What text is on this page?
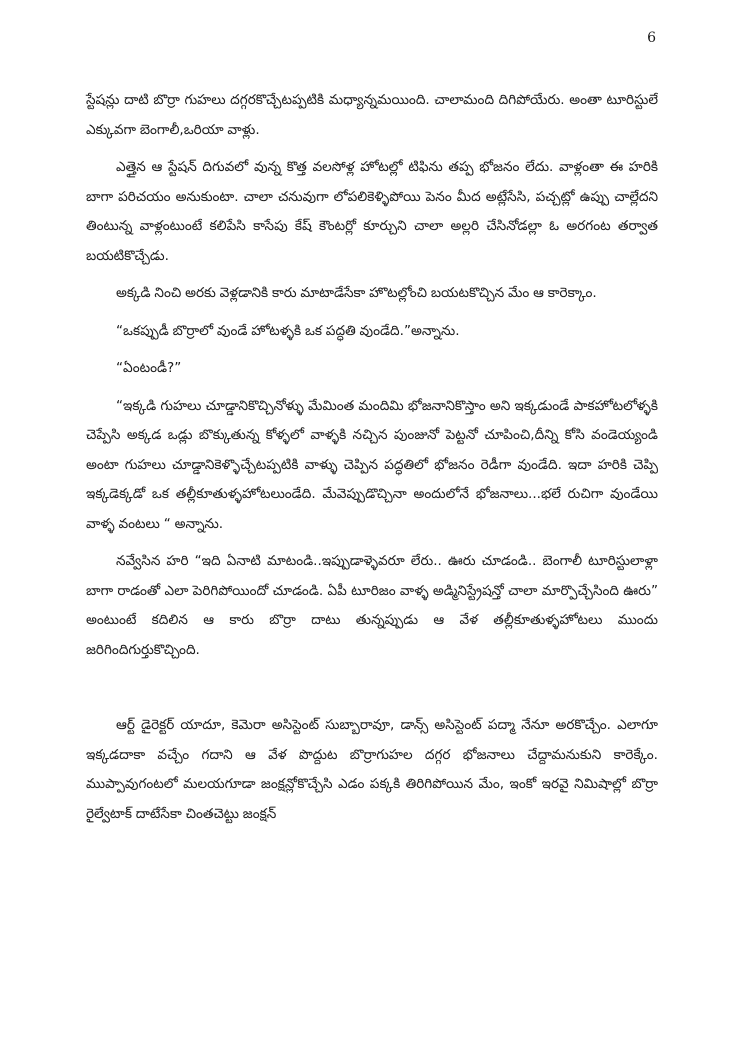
6

స్టేషన్లు దాటి బొర్రా గుహలు దగ్గరకొచ్చేటప్పటికి మధ్యాన్నమయింది. చాలామంది దిగిపోయేరు. అంతా టూరిస్టులే ఎక్కువగా బెంగాలీ,ఒరియా వాళ్లు.

ఎత్తైన ఆ స్టేషన్ దిగువలో వున్న కొత్త వలసోళ్ల హోటల్లో టిఫిను తప్ప భోజనం లేదు. వాళ్లంతా ఈ హరికి బాగా పరిచయం అనుకుంటా. చాలా చనువుగా లోపలికెళ్ళిపోయి పెనం మీద అట్లేసేసి, పచ్చట్లో ఉప్పు చాల్లేదని తింటున్న వాళ్లంటుంటే కలిపేసి కాసేపు కేష్ కౌంటర్లో కూర్చుని చాలా అల్లరి చేసినోడల్లా ఓ అరగంట తర్వాత బయటికొచ్చేడు.

అక్కడి నించి అరకు వెళ్లడానికి కారు మాటాడేసేకా హొటల్లోంచి బయటకొచ్చిన మేం ఆ కారెక్కాం.

“ఒకప్పుడీ బొర్రాలో వుండే హోటళ్ళకి ఒక పద్ధతి వుండేది.”అన్నాను.

“ఏంటండీ?”

“ఇక్కడి గుహలు చూడ్డానికొచ్చినోళ్ళు మేమింత మందిమి భోజనానికొస్తాం అని ఇక్కడుండే పాకహోటలోళ్ళకి చెప్పేసి అక్కడ ఒడ్లు బొక్కుతున్న కోళ్ళలో వాళ్ళకి నచ్చిన పుంజునో పెట్టనో చూపించి,దీన్ని కోసి వండెయ్యండి అంటా గుహలు చూడ్డానికెళ్ళొచ్చేటప్పటికి వాళ్ళు చెప్పిన పద్ధతిలో భోజనం రెడీగా వుండేది. ఇదా హరికి చెప్పి ఇక్కడెక్కడో ఒక తల్లీకూతుళ్ళహోటలుండేది. మేవెప్పుడొచ్చినా అందులోనే భోజనాలు...భలే రుచిగా వుండేయి వాళ్ళ వంటలు “ అన్నాను.

నవ్వేసిన హరి “ఇది ఏనాటి మాటండి..ఇప్పుడాళ్ళెవరూ లేరు.. ఊరు చూడండి.. బెంగాలీ టూరిస్టులాళ్లా బాగా రాడంతో ఎలా పెరిగిపోయిందో చూడండి. ఏపీ టూరిజం వాళ్ళ అడ్మినిస్ట్రేషన్తో చాలా మార్పొచ్చేసింది ఊరు” అంటుంటే కదిలిన ఆ కారు బొర్రా దాటు తున్నప్పుడు ఆ వేళ తల్లీకూతుళ్ళహోటలు ముందు జరిగిందిగుర్తుకొచ్చింది.

ఆర్ట్ డైరెక్టర్ యాదూ, కెమెరా అసిస్టెంట్ సుబ్బారావూ, డాన్స్ అసిస్టెంట్ పద్మా నేనూ అరకొచ్చేం. ఎలాగూ ఇక్కడదాకా వచ్చేం గదాని ఆ వేళ పొద్దుట బొర్రాగుహల దగ్గర భోజనాలు చేద్దామనుకుని కారెక్కేం. ముప్పావుగంటలో మలయగూడా జంక్షన్లోకొచ్చేసి ఎడం పక్కకి తిరిగిపోయిన మేం, ఇంకో ఇరవై నిమిషాల్లో బొర్రా రైల్వేటాక్ దాటేసేకా చింతచెట్టు జంక్షన్
